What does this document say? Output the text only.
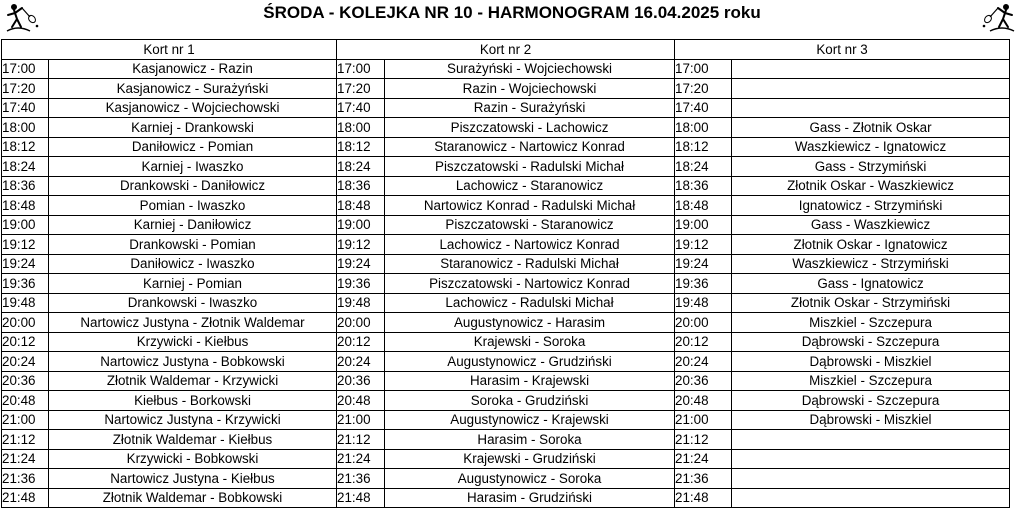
ŚRODA - KOLEJKA NR 10 - HARMONOGRAM 16.04.2025 roku
Kort nr 1		Kort nr 2		Kort nr 3	
17:00	Kasjanowicz - Razin	17:00	Surażyński - Wojciechowski	17:00	
17:20	Kasjanowicz - Surażyński	17:20	Razin - Wojciechowski	17:20	
17:40	Kasjanowicz - Wojciechowski	17:40	Razin - Surażyński	17:40	
18:00	Karniej - Drankowski	18:00	Piszczatowski - Lachowicz	18:00	Gass - Złotnik Oskar
18:12	Daniłowicz - Pomian	18:12	Staranowicz - Nartowicz Konrad	18:12	Waszkiewicz - Ignatowicz
18:24	Karniej - Iwaszko	18:24	Piszczatowski - Radulski Michał	18:24	Gass - Strzymiński
18:36	Drankowski - Daniłowicz	18:36	Lachowicz - Staranowicz	18:36	Złotnik Oskar - Waszkiewicz
18:48	Pomian - Iwaszko	18:48	Nartowicz Konrad - Radulski Michał	18:48	Ignatowicz - Strzymiński
19:00	Karniej - Daniłowicz	19:00	Piszczatowski - Staranowicz	19:00	Gass - Waszkiewicz
19:12	Drankowski - Pomian	19:12	Lachowicz - Nartowicz Konrad	19:12	Złotnik Oskar - Ignatowicz
19:24	Daniłowicz - Iwaszko	19:24	Staranowicz - Radulski Michał	19:24	Waszkiewicz - Strzymiński
19:36	Karniej - Pomian	19:36	Piszczatowski - Nartowicz Konrad	19:36	Gass - Ignatowicz
19:48	Drankowski - Iwaszko	19:48	Lachowicz - Radulski Michał	19:48	Złotnik Oskar - Strzymiński
20:00	Nartowicz Justyna - Złotnik Waldemar	20:00	Augustynowicz - Harasim	20:00	Miszkiel - Szczepura
20:12	Krzywicki - Kiełbus	20:12	Krajewski - Soroka	20:12	Dąbrowski - Szczepura
20:24	Nartowicz Justyna - Bobkowski	20:24	Augustynowicz - Grudziński	20:24	Dąbrowski - Miszkiel
20:36	Złotnik Waldemar - Krzywicki	20:36	Harasim - Krajewski	20:36	Miszkiel - Szczepura
20:48	Kiełbus - Borkowski	20:48	Soroka - Grudziński	20:48	Dąbrowski - Szczepura
21:00	Nartowicz Justyna - Krzywicki	21:00	Augustynowicz - Krajewski	21:00	Dąbrowski - Miszkiel
21:12	Złotnik Waldemar - Kiełbus	21:12	Harasim - Soroka	21:12	
21:24	Krzywicki - Bobkowski	21:24	Krajewski - Grudziński	21:24	
21:36	Nartowicz Justyna - Kiełbus	21:36	Augustynowicz - Soroka	21:36	
21:48	Złotnik Waldemar - Bobkowski	21:48	Harasim - Grudziński	21:48	
